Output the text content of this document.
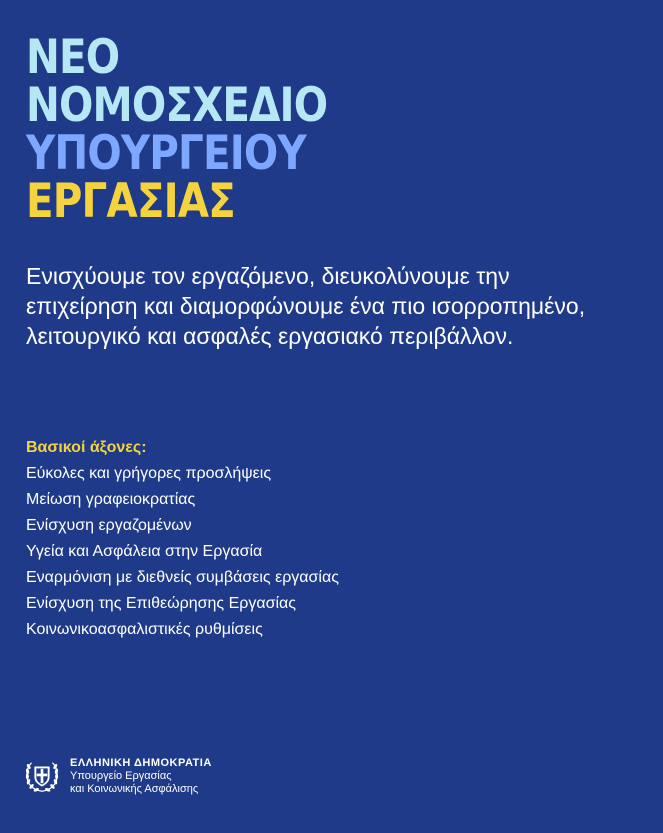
ΝΕΟ
ΝΟΜΟΣΧΕΔΙΟ
ΥΠΟΥΡΓΕΙΟΥ
ΕΡΓΑΣΙΑΣ

Ενισχύουμε τον εργαζόμενο, διευκολύνουμε την επιχείρηση και διαμορφώνουμε ένα πιο ισορροπημένο, λειτουργικό και ασφαλές εργασιακό περιβάλλον.

Βασικοί άξονες:
Εύκολες και γρήγορες προσλήψεις
Μείωση γραφειοκρατίας
Ενίσχυση εργαζομένων
Υγεία και Ασφάλεια στην Εργασία
Εναρμόνιση με διεθνείς συμβάσεις εργασίας
Ενίσχυση της Επιθεώρησης Εργασίας
Κοινωνικοασφαλιστικές ρυθμίσεις
ΕΛΛΗΝΙΚΗ ΔΗΜΟΚΡΑΤΙΑ
Υπουργείο Εργασίας
και Κοινωνικής Ασφάλισης
